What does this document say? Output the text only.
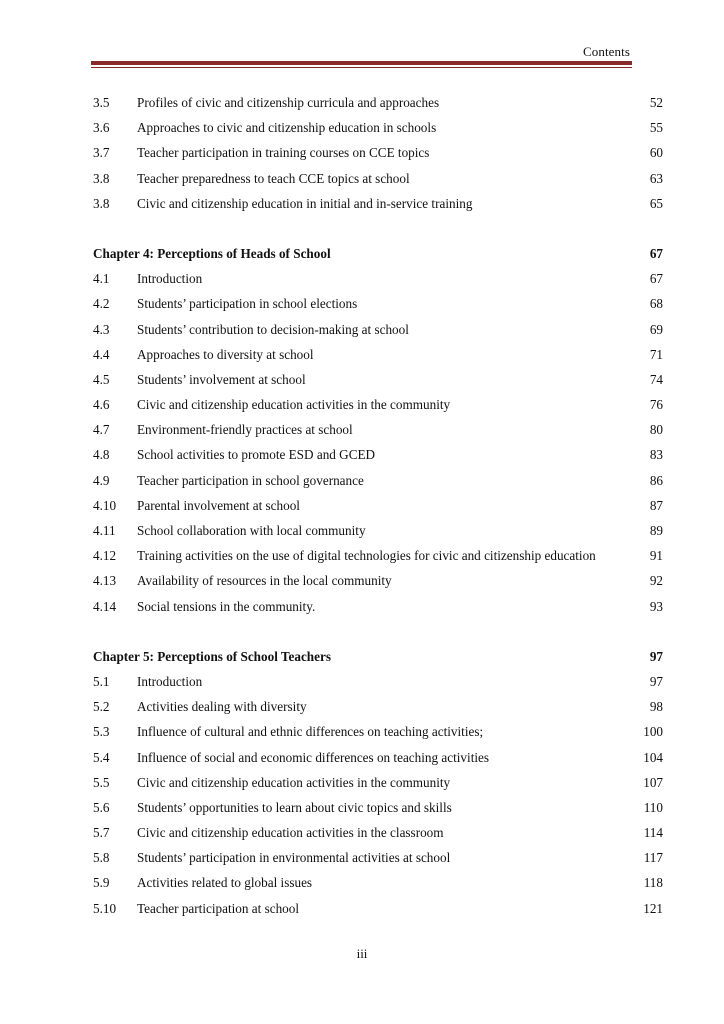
Contents
3.5 Profiles of civic and citizenship curricula and approaches	52
3.6 Approaches to civic and citizenship education in schools	55
3.7 Teacher participation in training courses on CCE topics	60
3.8 Teacher preparedness to teach CCE topics at school	63
3.8 Civic and citizenship education in initial and in-service training	65
Chapter 4: Perceptions of Heads of School	67
4.1 Introduction	67
4.2 Students’ participation in school elections	68
4.3 Students’ contribution to decision-making at school	69
4.4 Approaches to diversity at school	71
4.5 Students’ involvement at school	74
4.6 Civic and citizenship education activities in the community	76
4.7 Environment-friendly practices at school	80
4.8 School activities to promote ESD and GCED	83
4.9 Teacher participation in school governance	86
4.10 Parental involvement at school	87
4.11 School collaboration with local community	89
4.12 Training activities on the use of digital technologies for civic and citizenship education	91
4.13 Availability of resources in the local community	92
4.14 Social tensions in the community.	93
Chapter 5: Perceptions of School Teachers	97
5.1 Introduction	97
5.2 Activities dealing with diversity	98
5.3 Influence of cultural and ethnic differences on teaching activities;	100
5.4 Influence of social and economic differences on teaching activities	104
5.5 Civic and citizenship education activities in the community	107
5.6 Students’ opportunities to learn about civic topics and skills	110
5.7 Civic and citizenship education activities in the classroom	114
5.8 Students’ participation in environmental activities at school	117
5.9 Activities related to global issues	118
5.10 Teacher participation at school	121
iii
